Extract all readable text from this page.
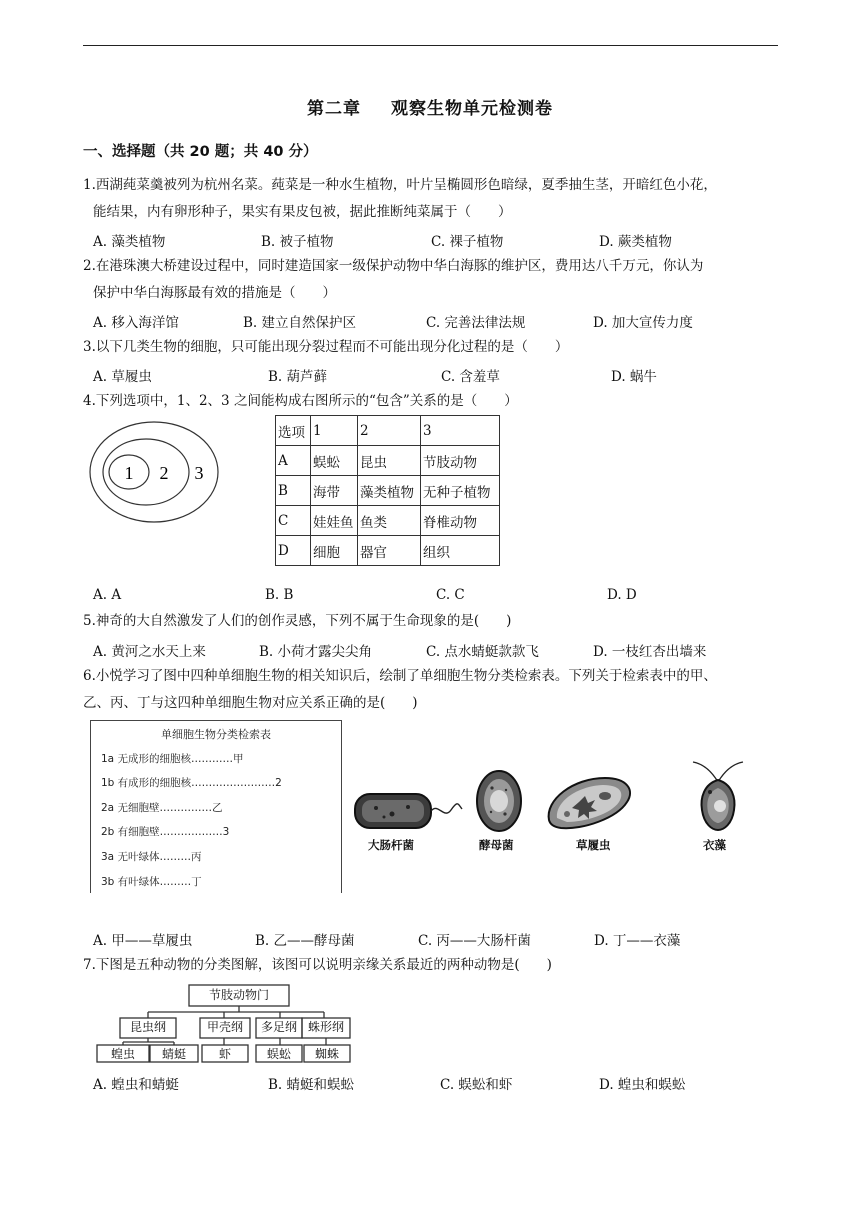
第二章 观察生物单元检测卷
一、选择题（共 20 题；共 40 分）
1.西湖莼菜羹被列为杭州名菜。莼菜是一种水生植物，叶片呈椭圆形色暗绿，夏季抽生茎，开暗红色小花，
能结果，内有卵形种子，果实有果皮包被，据此推断纯菜属于（　　）
A. 藻类植物	B. 被子植物	C. 裸子植物	D. 蕨类植物
2.在港珠澳大桥建设过程中，同时建造国家一级保护动物中华白海豚的维护区，费用达八千万元，你认为
保护中华白海豚最有效的措施是（　　）
A. 移入海洋馆	B. 建立自然保护区	C. 完善法律法规	D. 加大宣传力度
3.以下几类生物的细胞，只可能出现分裂过程而不可能出现分化过程的是（　　）
A. 草履虫	B. 葫芦藓	C. 含羞草	D. 蜗牛
4.下列选项中，1、2、3 之间能构成右图所示的“包含”关系的是（　　）
1 2 3
选项	1	2	3
A	蜈蚣	昆虫	节肢动物
B	海带	藻类植物	无种子植物
C	娃娃鱼	鱼类	脊椎动物
D	细胞	器官	组织
A. A	B. B	C. C	D. D
5.神奇的大自然激发了人们的创作灵感，下列不属于生命现象的是(　　)
A. 黄河之水天上来	B. 小荷才露尖尖角	C. 点水蜻蜓款款飞	D. 一枝红杏出墙来
6.小悦学习了图中四种单细胞生物的相关知识后，绘制了单细胞生物分类检索表。下列关于检索表中的甲、
乙、丙、丁与这四种单细胞生物对应关系正确的是(　　)
单细胞生物分类检索表
1a 无成形的细胞核…………甲
1b 有成形的细胞核……………………2
2a 无细胞壁……………乙
2b 有细胞壁………………3
3a 无叶绿体………丙
3b 有叶绿体………丁
大肠杆菌	酵母菌	草履虫	衣藻
A. 甲——草履虫	B. 乙——酵母菌	C. 丙——大肠杆菌	D. 丁——衣藻
7.下图是五种动物的分类图解，该图可以说明亲缘关系最近的两种动物是(　　)
节肢动物门
昆虫纲	甲壳纲	多足纲 蛛形纲
蝗虫	蜻蜓	虾	蜈蚣	蜘蛛
A. 蝗虫和蜻蜓	B. 蜻蜓和蜈蚣	C. 蜈蚣和虾	D. 蝗虫和蜈蚣
